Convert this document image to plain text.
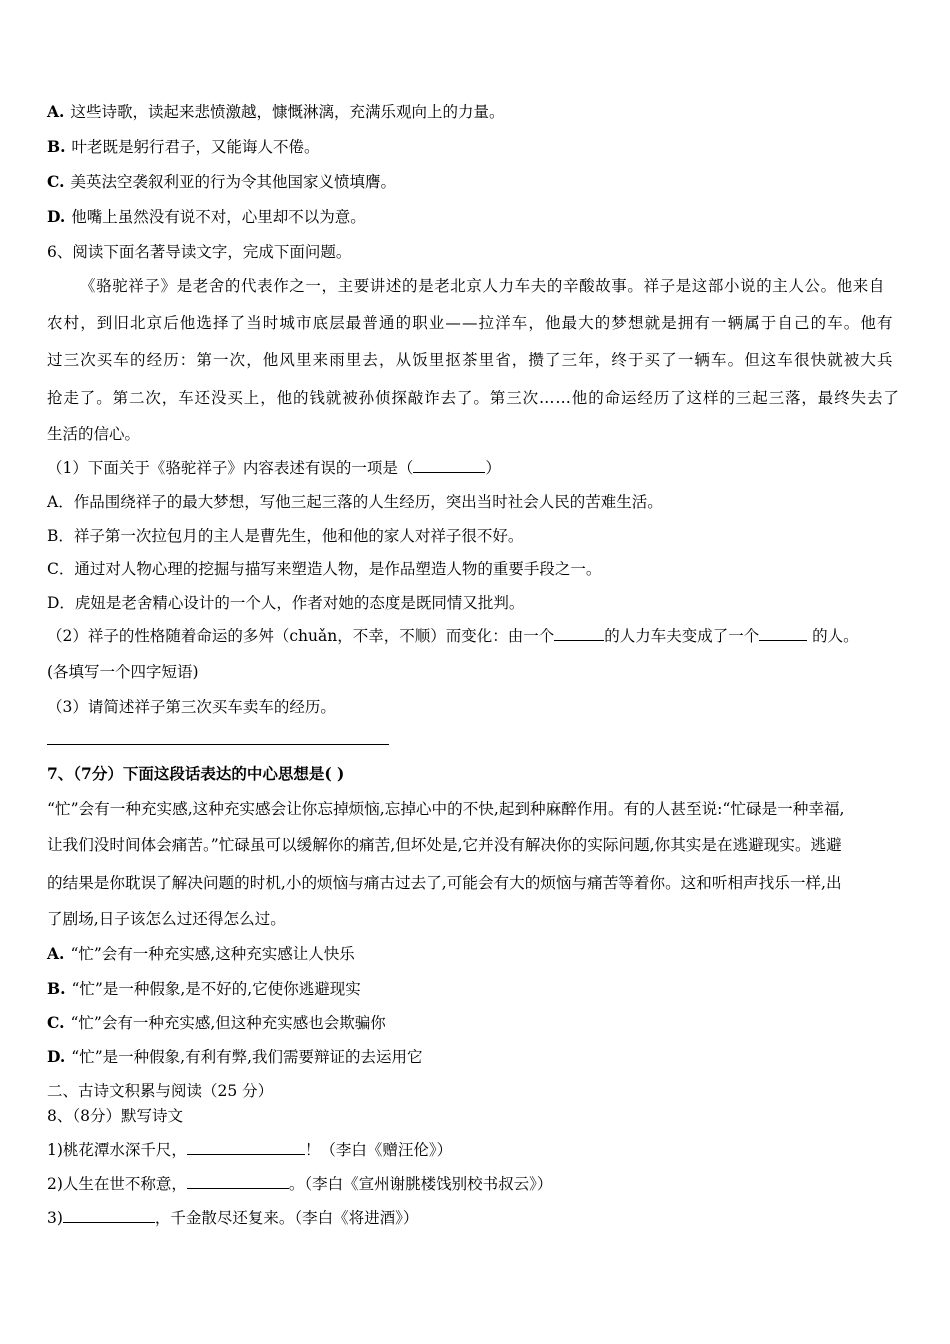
A. 这些诗歌，读起来悲愤激越，慷慨淋漓，充满乐观向上的力量。
B. 叶老既是躬行君子，又能诲人不倦。
C. 美英法空袭叙利亚的行为令其他国家义愤填膺。
D. 他嘴上虽然没有说不对，心里却不以为意。
6、阅读下面名著导读文字，完成下面问题。
《骆驼祥子》是老舍的代表作之一，主要讲述的是老北京人力车夫的辛酸故事。祥子是这部小说的主人公。他来自
农村，到旧北京后他选择了当时城市底层最普通的职业——拉洋车，他最大的梦想就是拥有一辆属于自己的车。他有
过三次买车的经历：第一次，他风里来雨里去，从饭里抠茶里省，攒了三年，终于买了一辆车。但这车很快就被大兵
抢走了。第二次，车还没买上，他的钱就被孙侦探敲诈去了。第三次……他的命运经历了这样的三起三落，最终失去了
生活的信心。
（1）下面关于《骆驼祥子》内容表述有误的一项是（	）
A．作品围绕祥子的最大梦想，写他三起三落的人生经历，突出当时社会人民的苦难生活。
B．祥子第一次拉包月的主人是曹先生，他和他的家人对祥子很不好。
C．通过对人物心理的挖掘与描写来塑造人物，是作品塑造人物的重要手段之一。
D．虎妞是老舍精心设计的一个人，作者对她的态度是既同情又批判。
（2）祥子的性格随着命运的多舛（chuǎn，不幸，不顺）而变化：由一个	的人力车夫变成了一个	的人。
(各填写一个四字短语)
（3）请简述祥子第三次买车卖车的经历。
7、（7分）下面这段话表达的中心思想是( )
“忙”会有一种充实感,这种充实感会让你忘掉烦恼,忘掉心中的不快,起到种麻醉作用。有的人甚至说:“忙碌是一种幸福,
让我们没时间体会痛苦。”忙碌虽可以缓解你的痛苦,但坏处是,它并没有解决你的实际问题,你其实是在逃避现实。逃避
的结果是你耽误了解决问题的时机,小的烦恼与痛古过去了,可能会有大的烦恼与痛苦等着你。这和听相声找乐一样,出
了剧场,日子该怎么过还得怎么过。
A. “忙”会有一种充实感,这种充实感让人快乐
B. “忙”是一种假象,是不好的,它使你逃避现实
C. “忙”会有一种充实感,但这种充实感也会欺骗你
D. “忙”是一种假象,有利有弊,我们需要辩证的去运用它
二、古诗文积累与阅读（25 分）
8、（8分）默写诗文
1)桃花潭水深千尺，	！（李白《赠汪伦》）
2)人生在世不称意，	。（李白《宣州谢朓楼饯别校书叔云》）
3)	，千金散尽还复来。（李白《将进酒》）
